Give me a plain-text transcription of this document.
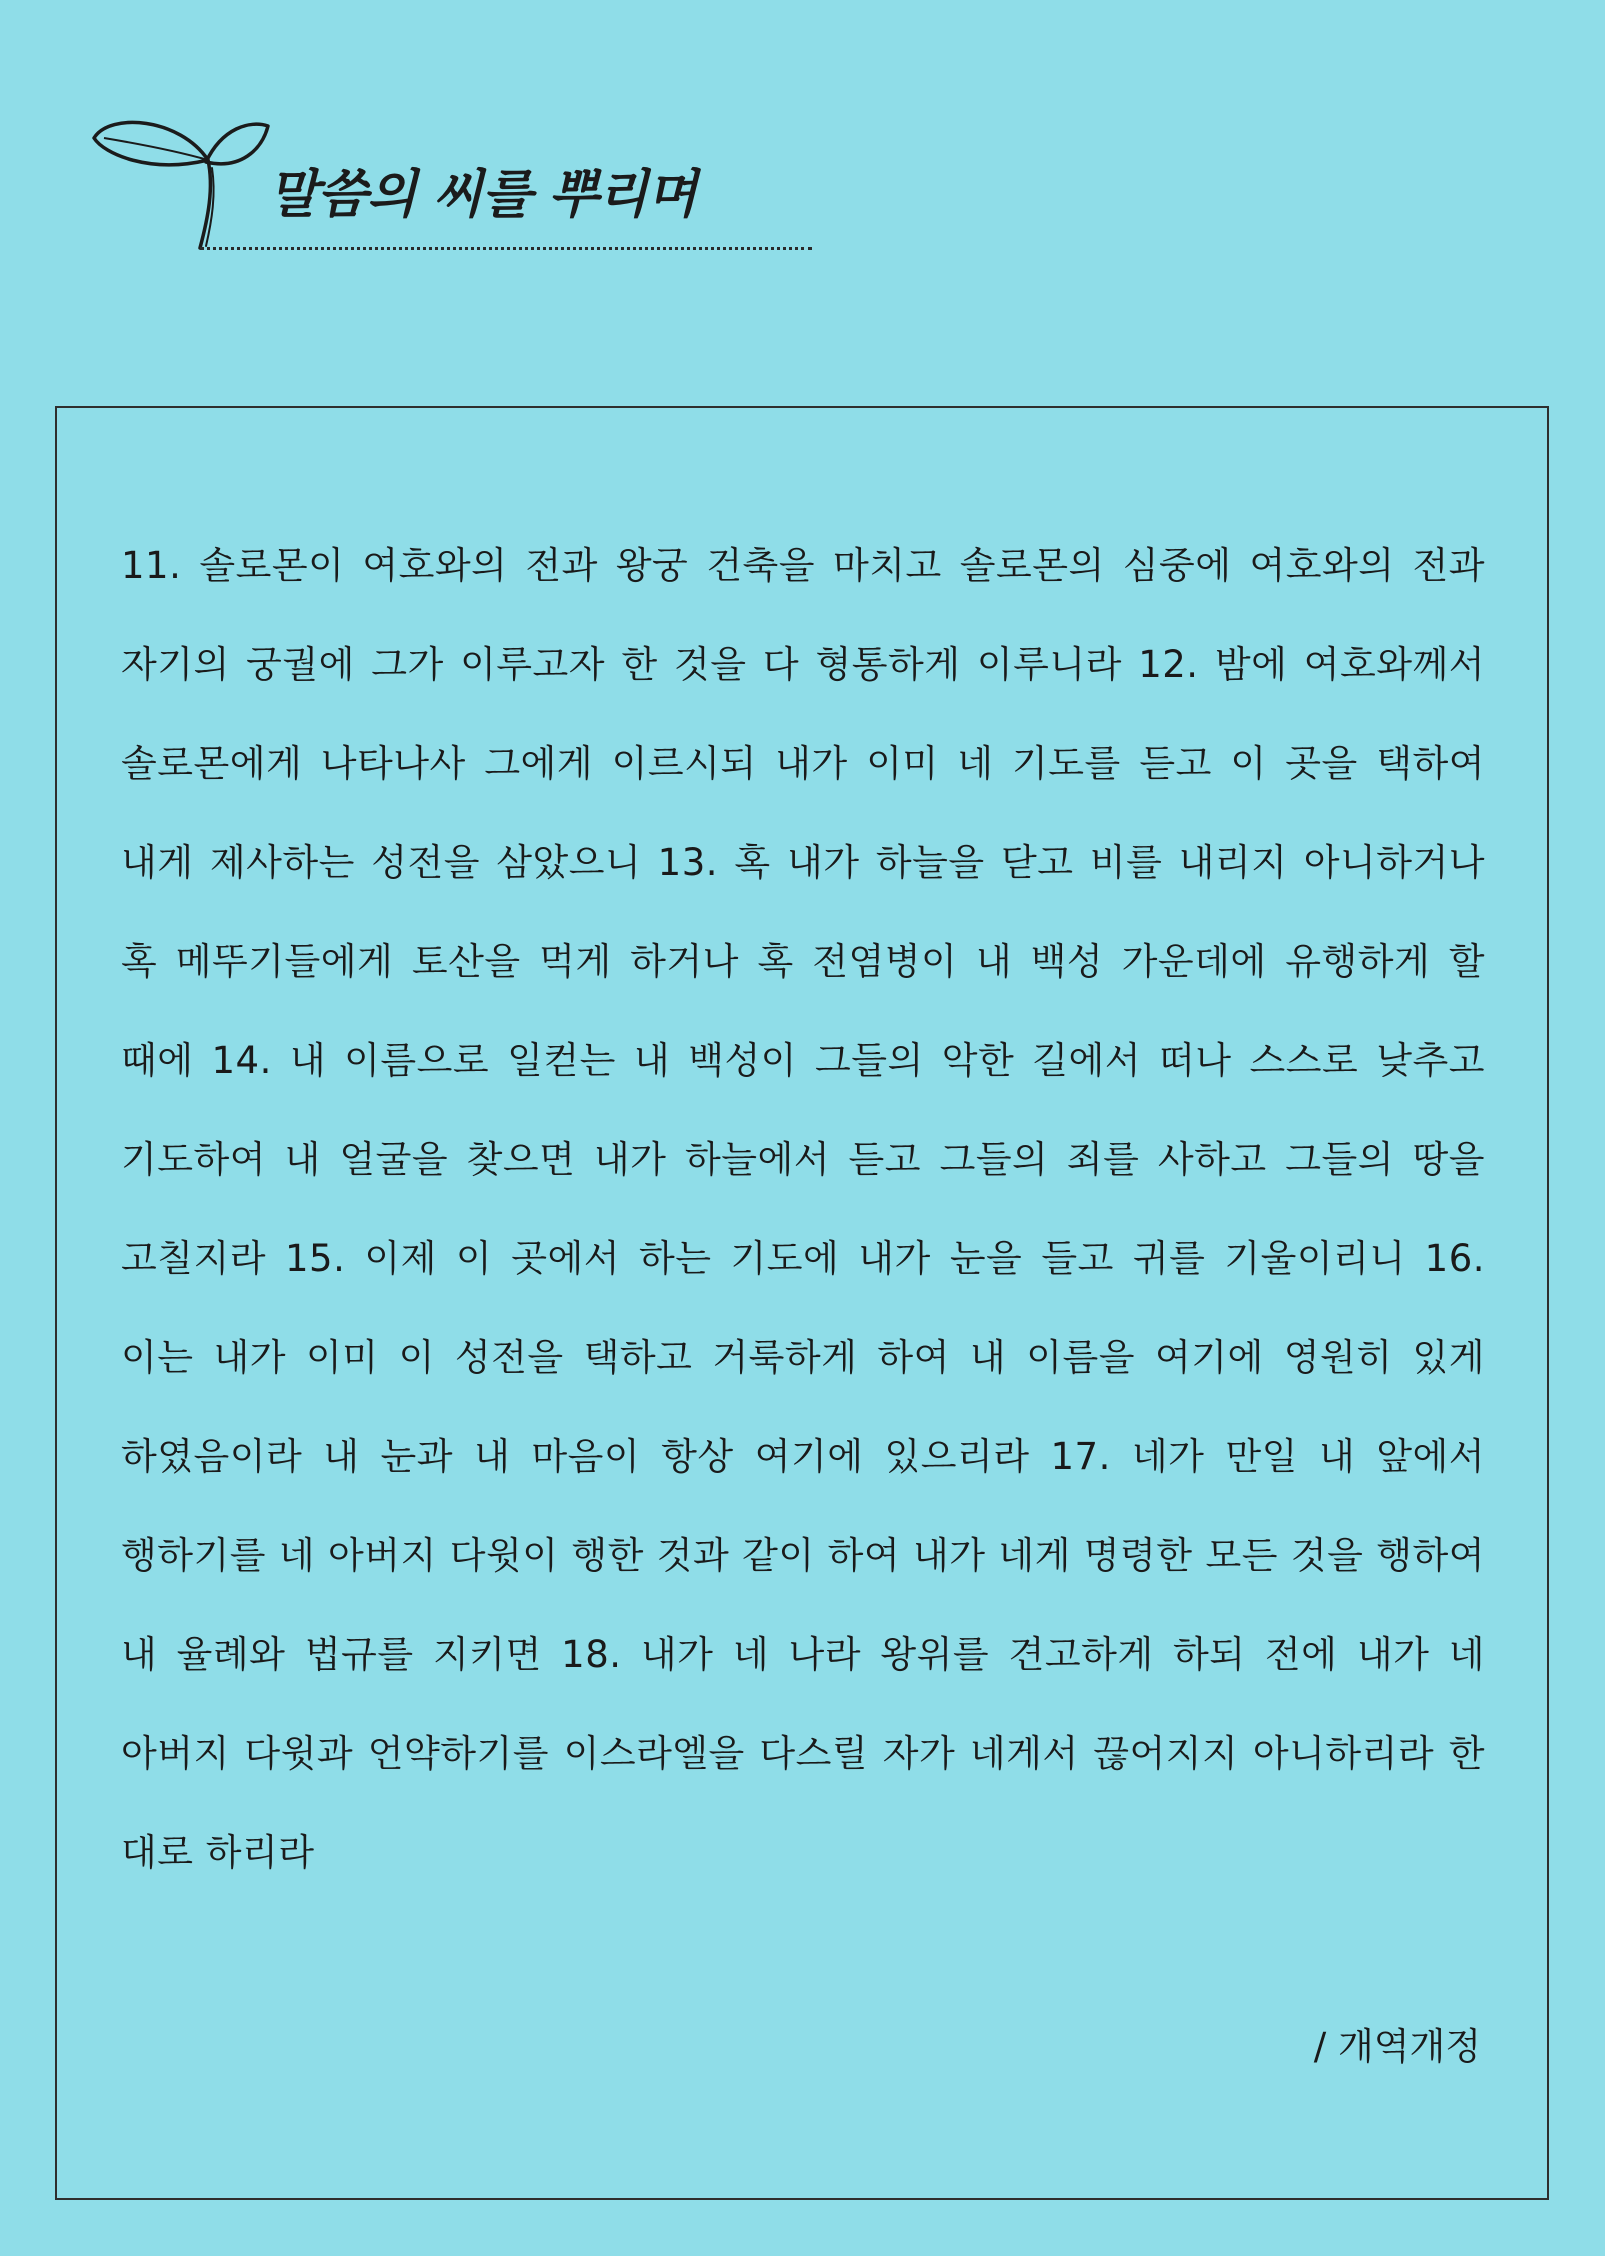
말씀의 씨를 뿌리며

11. 솔로몬이 여호와의 전과 왕궁 건축을 마치고 솔로몬의 심중에 여호와의 전과 자기의 궁궐에 그가 이루고자 한 것을 다 형통하게 이루니라 12. 밤에 여호와께서 솔로몬에게 나타나사 그에게 이르시되 내가 이미 네 기도를 듣고 이 곳을 택하여 내게 제사하는 성전을 삼았으니 13. 혹 내가 하늘을 닫고 비를 내리지 아니하거나 혹 메뚜기들에게 토산을 먹게 하거나 혹 전염병이 내 백성 가운데에 유행하게 할 때에 14. 내 이름으로 일컫는 내 백성이 그들의 악한 길에서 떠나 스스로 낮추고 기도하여 내 얼굴을 찾으면 내가 하늘에서 듣고 그들의 죄를 사하고 그들의 땅을 고칠지라 15. 이제 이 곳에서 하는 기도에 내가 눈을 들고 귀를 기울이리니 16. 이는 내가 이미 이 성전을 택하고 거룩하게 하여 내 이름을 여기에 영원히 있게 하였음이라 내 눈과 내 마음이 항상 여기에 있으리라 17. 네가 만일 내 앞에서 행하기를 네 아버지 다윗이 행한 것과 같이 하여 내가 네게 명령한 모든 것을 행하여 내 율례와 법규를 지키면 18. 내가 네 나라 왕위를 견고하게 하되 전에 내가 네 아버지 다윗과 언약하기를 이스라엘을 다스릴 자가 네게서 끊어지지 아니하리라 한 대로 하리라

/ 개역개정
